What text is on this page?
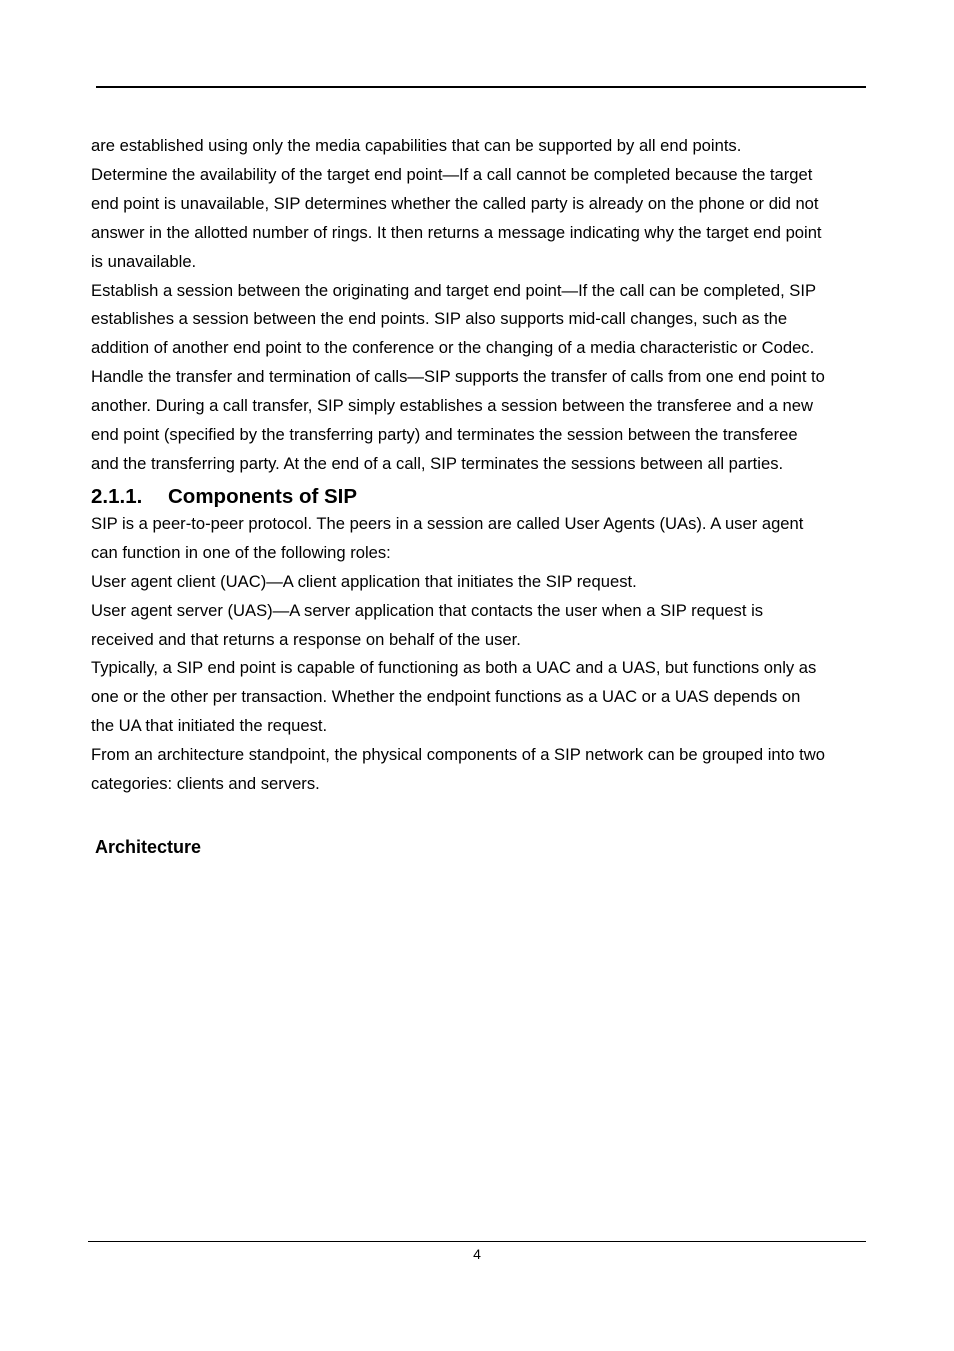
are established using only the media capabilities that can be supported by all end points.

Determine the availability of the target end point—If a call cannot be completed because the target
end point is unavailable, SIP determines whether the called party is already on the phone or did not
answer in the allotted number of rings. It then returns a message indicating why the target end point
is unavailable.

Establish a session between the originating and target end point—If the call can be completed, SIP
establishes a session between the end points. SIP also supports mid-call changes, such as the
addition of another end point to the conference or the changing of a media characteristic or Codec.

Handle the transfer and termination of calls—SIP supports the transfer of calls from one end point to
another. During a call transfer, SIP simply establishes a session between the transferee and a new
end point (specified by the transferring party) and terminates the session between the transferee
and the transferring party. At the end of a call, SIP terminates the sessions between all parties.

2.1.1.	Components of SIP

SIP is a peer-to-peer protocol. The peers in a session are called User Agents (UAs). A user agent
can function in one of the following roles:

User agent client (UAC)—A client application that initiates the SIP request.

User agent server (UAS)—A server application that contacts the user when a SIP request is
received and that returns a response on behalf of the user.

Typically, a SIP end point is capable of functioning as both a UAC and a UAS, but functions only as
one or the other per transaction. Whether the endpoint functions as a UAC or a UAS depends on
the UA that initiated the request.

From an architecture standpoint, the physical components of a SIP network can be grouped into two
categories: clients and servers.

Architecture
4
